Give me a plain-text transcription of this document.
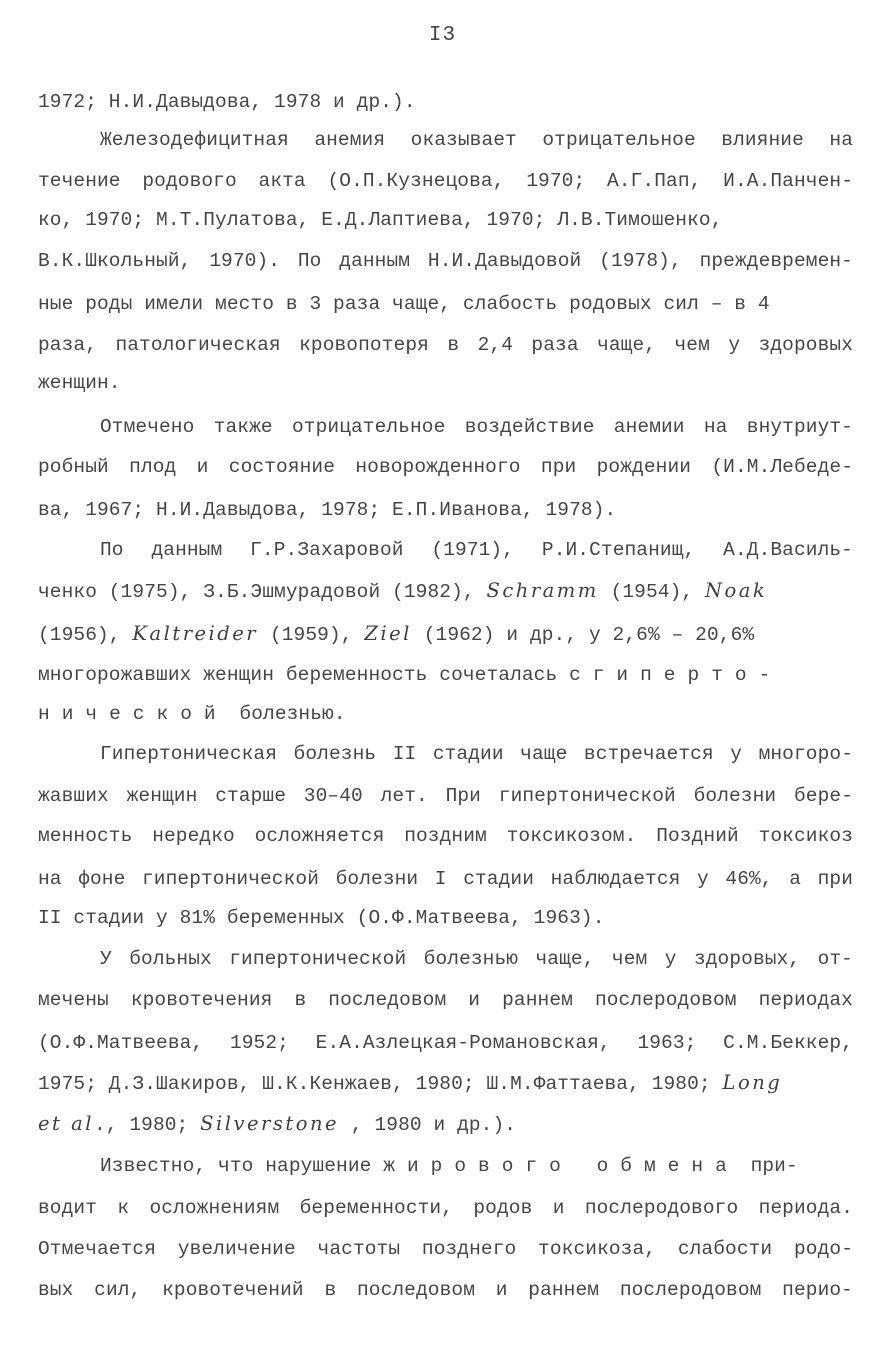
I3
1972; Н.И.Давыдова, 1978 и др.).
Железодефицитная анемия оказывает отрицательное влияние на
течение родового акта (О.П.Кузнецова, 1970; А.Г.Пап, И.А.Панчен-
ко, 1970; М.Т.Пулатова, Е.Д.Лаптиева, 1970; Л.В.Тимошенко,
В.К.Школьный, 1970). По данным Н.И.Давыдовой (1978), преждевремен-
ные роды имели место в 3 раза чаще, слабость родовых сил – в 4
раза, патологическая кровопотеря в 2,4 раза чаще, чем у здоровых
женщин.
Отмечено также отрицательное воздействие анемии на внутриут-
робный плод и состояние новорожденного при рождении (И.М.Лебеде-
ва, 1967; Н.И.Давыдова, 1978; Е.П.Иванова, 1978).
По данным Г.Р.Захаровой (1971), Р.И.Степанищ, А.Д.Василь-
ченко (1975), З.Б.Эшмурадовой (1982), Schramm (1954), Noak
(1956), Kaltreider (1959), Ziel (1962) и др., у 2,6% – 20,6%
многорожавших женщин беременность сочеталась с гиперто-
нической болезнью.
Гипертоническая болезнь II стадии чаще встречается у многоро-
жавших женщин старше 30–40 лет. При гипертонической болезни бере-
менность нередко осложняется поздним токсикозом. Поздний токсикоз
на фоне гипертонической болезни I стадии наблюдается у 46%, а при
II стадии у 81% беременных (О.Ф.Матвеева, 1963).
У больных гипертонической болезнью чаще, чем у здоровых, от-
мечены кровотечения в последовом и раннем послеродовом периодах
(О.Ф.Матвеева, 1952; Е.А.Азлецкая-Романовская, 1963; С.М.Беккер,
1975; Д.З.Шакиров, Ш.К.Кенжаев, 1980; Ш.М.Фаттаева, 1980; Long
et al., 1980; Silverstone , 1980 и др.).
Известно, что нарушение жирового обмена при-
водит к осложнениям беременности, родов и послеродового периода.
Отмечается увеличение частоты позднего токсикоза, слабости родо-
вых сил, кровотечений в последовом и раннем послеродовом перио-
